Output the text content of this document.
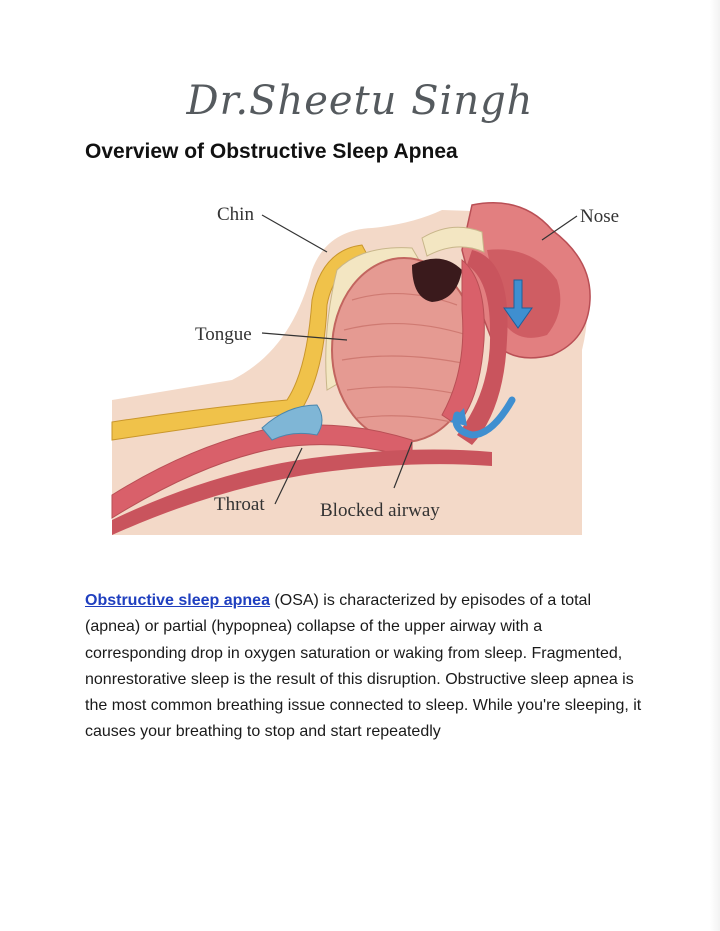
Dr.Sheetu Singh
Overview of Obstructive Sleep Apnea
Chin	Nose
Tongue
Throat	Blocked airway
Obstructive sleep apnea (OSA) is characterized by episodes of a total (apnea) or partial (hypopnea) collapse of the upper airway with a corresponding drop in oxygen saturation or waking from sleep. Fragmented, nonrestorative sleep is the result of this disruption. Obstructive sleep apnea is the most common breathing issue connected to sleep. While you're sleeping, it causes your breathing to stop and start repeatedly
